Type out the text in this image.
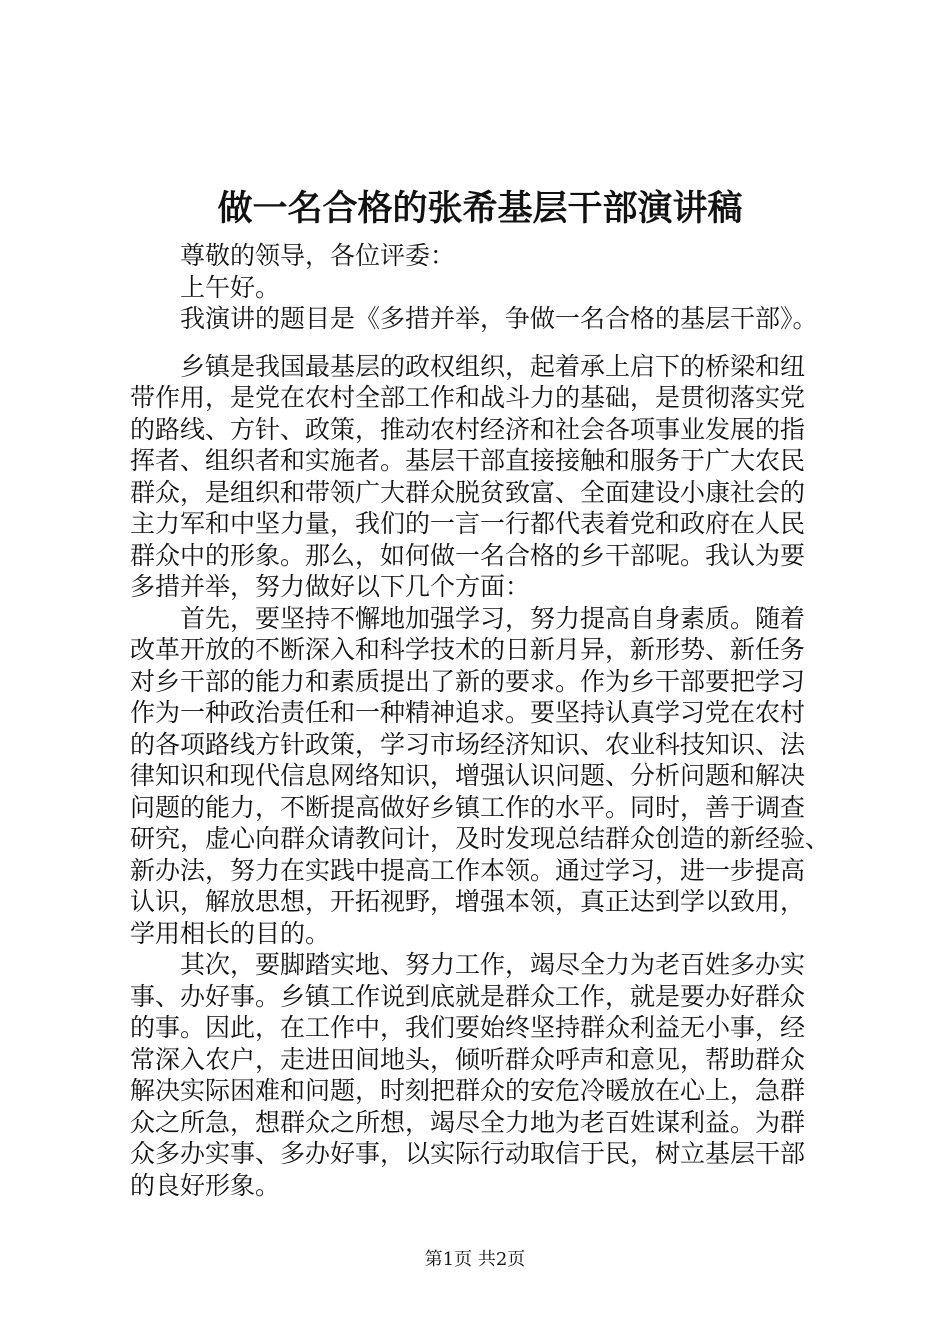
做一名合格的张希基层干部演讲稿
　　尊敬的领导，各位评委：
　　上午好。
　　我演讲的题目是《多措并举，争做一名合格的基层干部》。
　　乡镇是我国最基层的政权组织，起着承上启下的桥梁和纽
带作用，是党在农村全部工作和战斗力的基础，是贯彻落实党
的路线、方针、政策，推动农村经济和社会各项事业发展的指
挥者、组织者和实施者。基层干部直接接触和服务于广大农民
群众，是组织和带领广大群众脱贫致富、全面建设小康社会的
主力军和中坚力量，我们的一言一行都代表着党和政府在人民
群众中的形象。那么，如何做一名合格的乡干部呢。我认为要
多措并举，努力做好以下几个方面：
　　首先，要坚持不懈地加强学习，努力提高自身素质。随着
改革开放的不断深入和科学技术的日新月异，新形势、新任务
对乡干部的能力和素质提出了新的要求。作为乡干部要把学习
作为一种政治责任和一种精神追求。要坚持认真学习党在农村
的各项路线方针政策，学习市场经济知识、农业科技知识、法
律知识和现代信息网络知识，增强认识问题、分析问题和解决
问题的能力，不断提高做好乡镇工作的水平。同时，善于调查
研究，虚心向群众请教问计，及时发现总结群众创造的新经验、
新办法，努力在实践中提高工作本领。通过学习，进一步提高
认识，解放思想，开拓视野，增强本领，真正达到学以致用，
学用相长的目的。
　　其次，要脚踏实地、努力工作，竭尽全力为老百姓多办实
事、办好事。乡镇工作说到底就是群众工作，就是要办好群众
的事。因此，在工作中，我们要始终坚持群众利益无小事，经
常深入农户，走进田间地头，倾听群众呼声和意见，帮助群众
解决实际困难和问题，时刻把群众的安危冷暖放在心上，急群
众之所急，想群众之所想，竭尽全力地为老百姓谋利益。为群
众多办实事、多办好事，以实际行动取信于民，树立基层干部
的良好形象。
第1页 共2页
